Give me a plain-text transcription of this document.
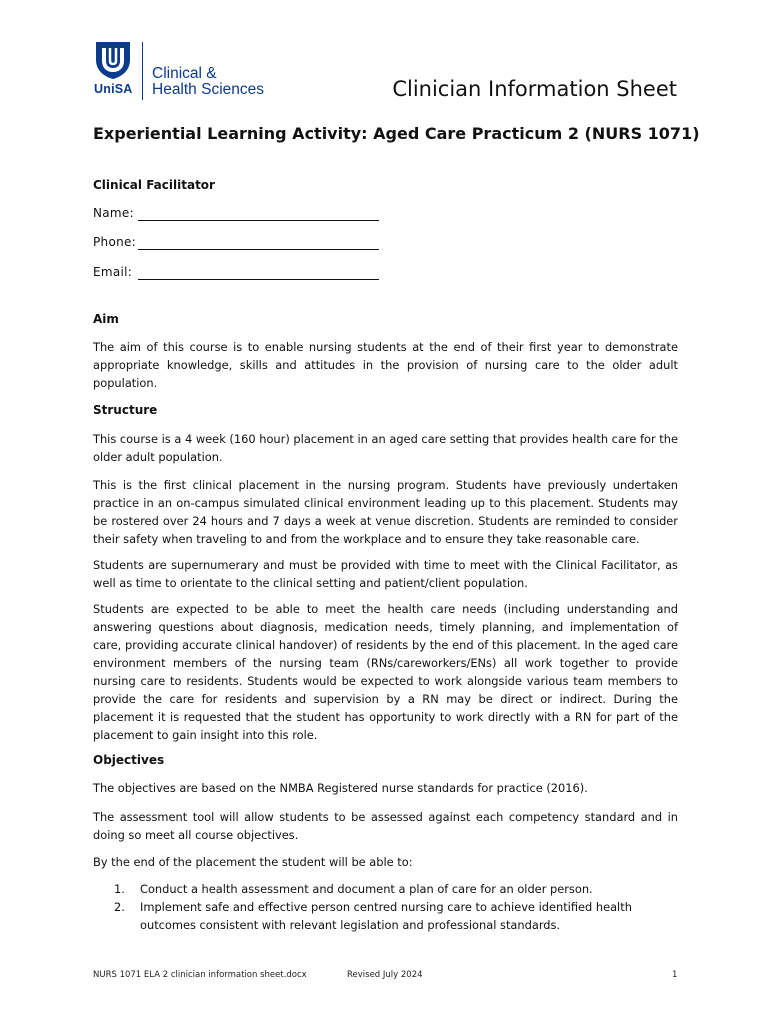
UniSA
Clinical &
Health Sciences	Clinician Information Sheet
Experiential Learning Activity: Aged Care Practicum 2 (NURS 1071)
Clinical Facilitator
Name:
Phone:
Email:
Aim

The aim of this course is to enable nursing students at the end of their first year to demonstrate appropriate knowledge, skills and attitudes in the provision of nursing care to the older adult population.

Structure

This course is a 4 week (160 hour) placement in an aged care setting that provides health care for the older adult population.

This is the first clinical placement in the nursing program. Students have previously undertaken practice in an on-campus simulated clinical environment leading up to this placement. Students may be rostered over 24 hours and 7 days a week at venue discretion. Students are reminded to consider their safety when traveling to and from the workplace and to ensure they take reasonable care.

Students are supernumerary and must be provided with time to meet with the Clinical Facilitator, as well as time to orientate to the clinical setting and patient/client population.

Students are expected to be able to meet the health care needs (including understanding and answering questions about diagnosis, medication needs, timely planning, and implementation of care, providing accurate clinical handover) of residents by the end of this placement. In the aged care environment members of the nursing team (RNs/careworkers/ENs) all work together to provide nursing care to residents. Students would be expected to work alongside various team members to provide the care for residents and supervision by a RN may be direct or indirect. During the placement it is requested that the student has opportunity to work directly with a RN for part of the placement to gain insight into this role.

Objectives

The objectives are based on the NMBA Registered nurse standards for practice (2016).

The assessment tool will allow students to be assessed against each competency standard and in doing so meet all course objectives.

By the end of the placement the student will be able to:

1. Conduct a health assessment and document a plan of care for an older person.
2. Implement safe and effective person centred nursing care to achieve identified health outcomes consistent with relevant legislation and professional standards.
NURS 1071 ELA 2 clinician information sheet.docx	Revised July 2024	1
